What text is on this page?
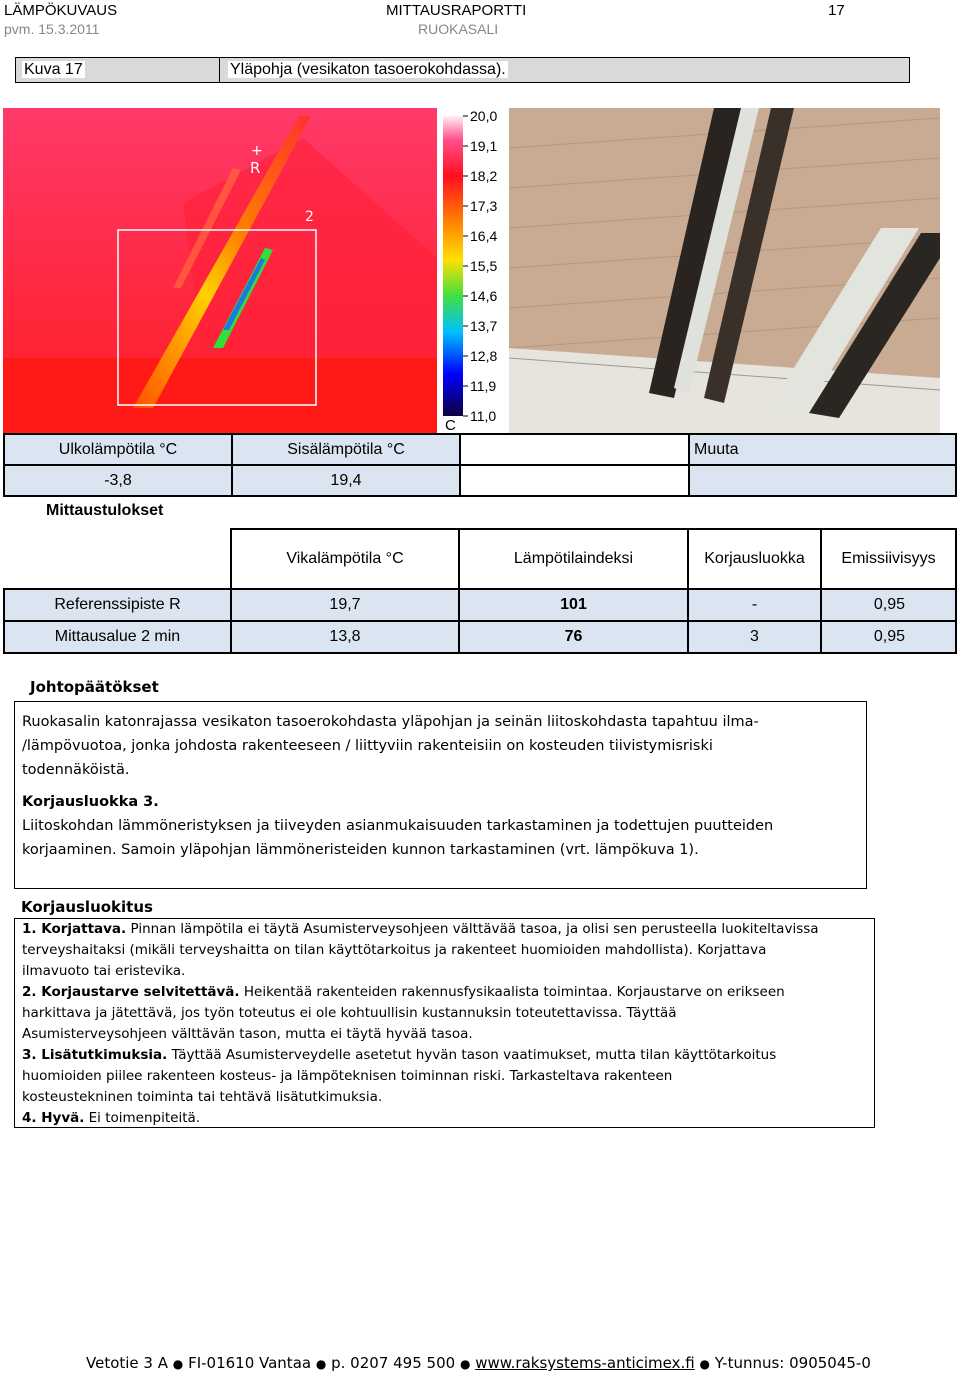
LÄMPÖKUVAUS	MITTAUSRAPORTTI	17
pvm. 15.3.2011	RUOKASALI
Kuva 17	Yläpohja (vesikaton tasoerokohdassa).
+
R
2
20,0
19,1
18,2
17,3
16,4
15,5
14,6
13,7
12,8
11,9
11,0
C
Ulkolämpötila °C	Sisälämpötila °C		Muuta
-3,8	19,4		
Mittaustulokset
	Vikalämpötila °C	Lämpötilaindeksi	Korjausluokka	Emissiivisyys
Referenssipiste R	19,7	101	-	0,95
Mittausalue 2 min	13,8	76	3	0,95
Johtopäätökset
Ruokasalin katonrajassa vesikaton tasoerokohdasta yläpohjan ja seinän liitoskohdasta tapahtuu ilma-
/lämpövuotoa, jonka johdosta rakenteeseen / liittyviin rakenteisiin on kosteuden tiivistymisriski
todennäköistä.
Korjausluokka 3.
Liitoskohdan lämmöneristyksen ja tiiveyden asianmukaisuuden tarkastaminen ja todettujen puutteiden
korjaaminen. Samoin yläpohjan lämmöneristeiden kunnon tarkastaminen (vrt. lämpökuva 1).
Korjausluokitus
1. Korjattava. Pinnan lämpötila ei täytä Asumisterveysohjeen välttävää tasoa, ja olisi sen perusteella luokiteltavissa
terveyshaitaksi (mikäli terveyshaitta on tilan käyttötarkoitus ja rakenteet huomioiden mahdollista). Korjattava
ilmavuoto tai eristevika.
2. Korjaustarve selvitettävä. Heikentää rakenteiden rakennusfysikaalista toimintaa. Korjaustarve on erikseen
harkittava ja jätettävä, jos työn toteutus ei ole kohtuullisin kustannuksin toteutettavissa. Täyttää
Asumisterveysohjeen välttävän tason, mutta ei täytä hyvää tasoa.
3. Lisätutkimuksia. Täyttää Asumisterveydelle asetetut hyvän tason vaatimukset, mutta tilan käyttötarkoitus
huomioiden piilee rakenteen kosteus- ja lämpöteknisen toiminnan riski. Tarkasteltava rakenteen
kosteustekninen toiminta tai tehtävä lisätutkimuksia.
4. Hyvä. Ei toimenpiteitä.
Vetotie 3 A ● FI-01610 Vantaa ● p. 0207 495 500 ● www.raksystems-anticimex.fi ● Y-tunnus: 0905045-0
